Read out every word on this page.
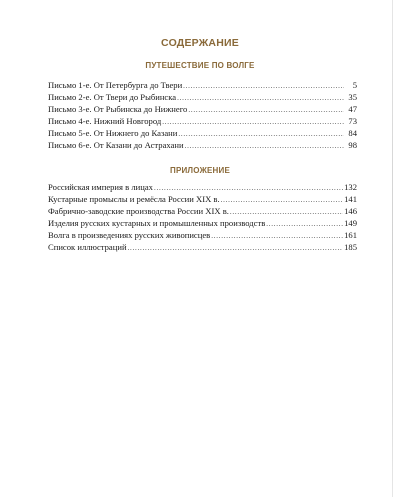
СОДЕРЖАНИЕ
ПУТЕШЕСТВИЕ ПО ВОЛГЕ
Письмо 1-е. От Петербурга до Твери . . .	5
Письмо 2-е. От Твери до Рыбинска . . .	35
Письмо 3-е. От Рыбинска до Нижнего . . .	47
Письмо 4-е. Нижний Новгород . . .	73
Письмо 5-е. От Нижнего до Казани . . .	84
Письмо 6-е. От Казани до Астрахани . . .	98
ПРИЛОЖЕНИЕ
Российская империя в лицах . . .	132
Кустарные промыслы и ремёсла России XIX в. . . .	141
Фабрично-заводские производства России XIX в. . . .	146
Изделия русских кустарных и промышленных производств . . .	149
Волга в произведениях русских живописцев . . .	161
Список иллюстраций . . .	185
